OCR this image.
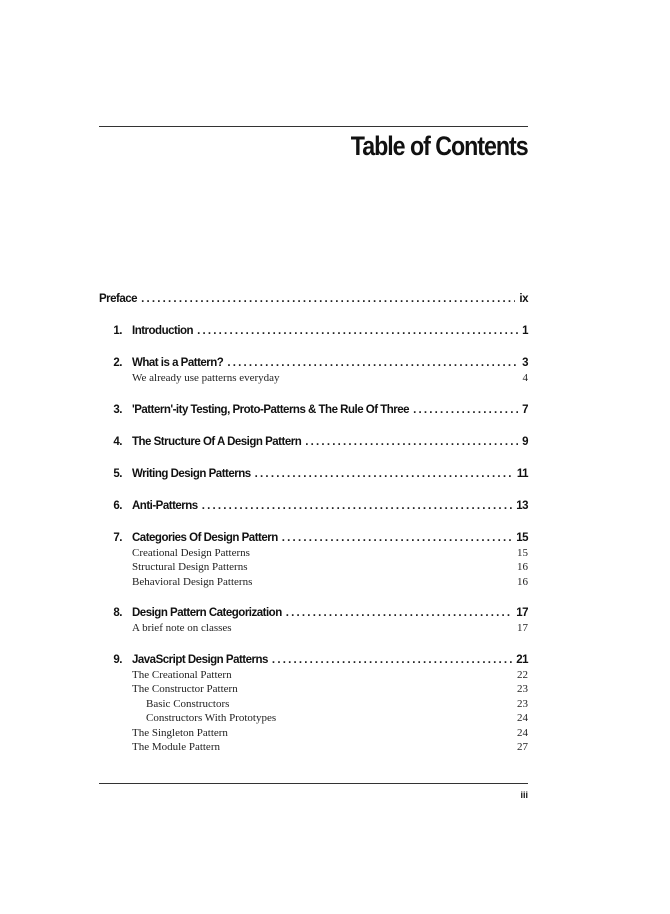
Table of Contents
Preface .....	ix
1. Introduction .....	1
2. What is a Pattern? .....	3
We already use patterns everyday	4
3. 'Pattern'-ity Testing, Proto-Patterns & The Rule Of Three .....	7
4. The Structure Of A Design Pattern .....	9
5. Writing Design Patterns .....	11
6. Anti-Patterns .....	13
7. Categories Of Design Pattern .....	15
Creational Design Patterns	15
Structural Design Patterns	16
Behavioral Design Patterns	16
8. Design Pattern Categorization .....	17
A brief note on classes	17
9. JavaScript Design Patterns .....	21
The Creational Pattern	22
The Constructor Pattern	23
Basic Constructors	23
Constructors With Prototypes	24
The Singleton Pattern	24
The Module Pattern	27
iii
